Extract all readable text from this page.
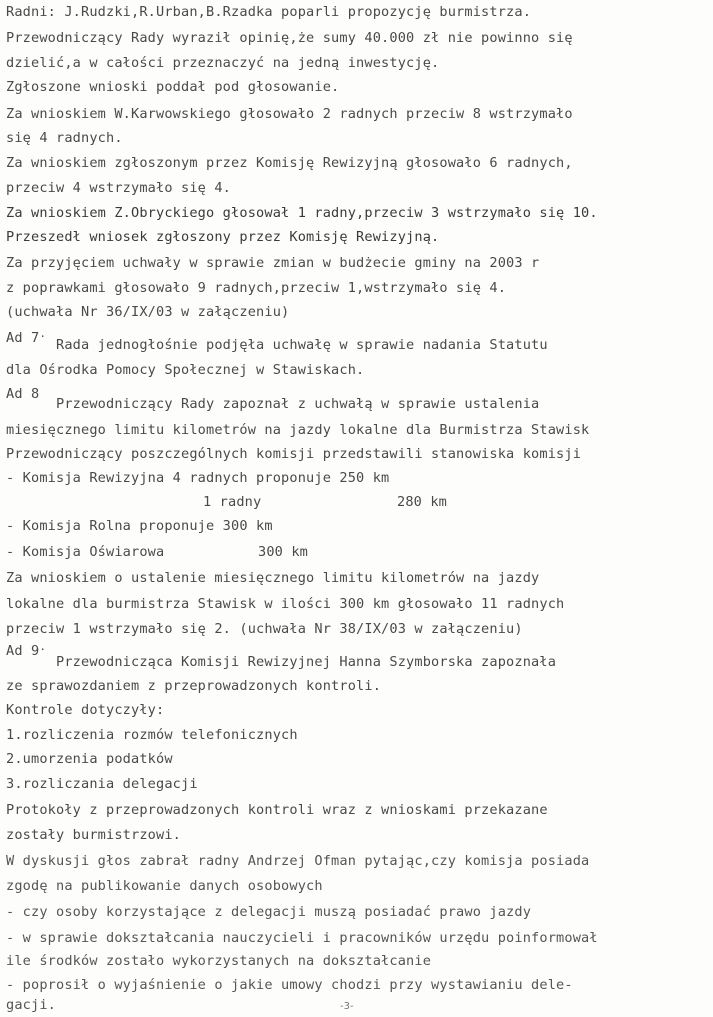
Radni: J.Rudzki,R.Urban,B.Rzadka poparli propozycję burmistrza.

Przewodniczący Rady wyraził opinię,że sumy 40.000 zł nie powinno się

dzielić,a w całości przeznaczyć na jedną inwestycję.

Zgłoszone wnioski poddał pod głosowanie.

Za wnioskiem W.Karwowskiego głosowało 2 radnych przeciw 8 wstrzymało

się 4 radnych.

Za wnioskiem zgłoszonym przez Komisję Rewizyjną głosowało 6 radnych,

przeciw 4 wstrzymało się 4.

Za wnioskiem Z.Obryckiego głosował 1 radny,przeciw 3 wstrzymało się 10.

Przeszedł wniosek zgłoszony przez Komisję Rewizyjną.

Za przyjęciem uchwały w sprawie zmian w budżecie gminy na 2003 r

z poprawkami głosowało 9 radnych,przeciw 1,wstrzymało się 4.

(uchwała Nr 36/IX/03 w załączeniu)

Ad 7.

Rada jednogłośnie podjęła uchwałę w sprawie nadania Statutu

dla Ośrodka Pomocy Społecznej w Stawiskach.

Ad 8

Przewodniczący Rady zapoznał z uchwałą w sprawie ustalenia

miesięcznego limitu kilometrów na jazdy lokalne dla Burmistrza Stawisk

Przewodniczący poszczególnych komisji przedstawili stanowiska komisji

- Komisja Rewizyjna 4 radnych proponuje 250 km

1 radny	280 km

- Komisja Rolna proponuje 300 km

- Komisja Oświarowa	300 km

Za wnioskiem o ustalenie miesięcznego limitu kilometrów na jazdy

lokalne dla burmistrza Stawisk w ilości 300 km głosowało 11 radnych

przeciw 1 wstrzymało się 2. (uchwała Nr 38/IX/03 w załączeniu)

Ad 9.

Przewodnicząca Komisji Rewizyjnej Hanna Szymborska zapoznała

ze sprawozdaniem z przeprowadzonych kontroli.

Kontrole dotyczyły:

1.rozliczenia rozmów telefonicznych

2.umorzenia podatków

3.rozliczania delegacji

Protokoły z przeprowadzonych kontroli wraz z wnioskami przekazane

zostały burmistrzowi.

W dyskusji głos zabrał radny Andrzej Ofman pytając,czy komisja posiada

zgodę na publikowanie danych osobowych

- czy osoby korzystające z delegacji muszą posiadać prawo jazdy

- w sprawie dokształcania nauczycieli i pracowników urzędu poinformował

ile środków zostało wykorzystanych na dokształcanie

- poprosił o wyjaśnienie o jakie umowy chodzi przy wystawianiu dele-

gacji.	-3-
